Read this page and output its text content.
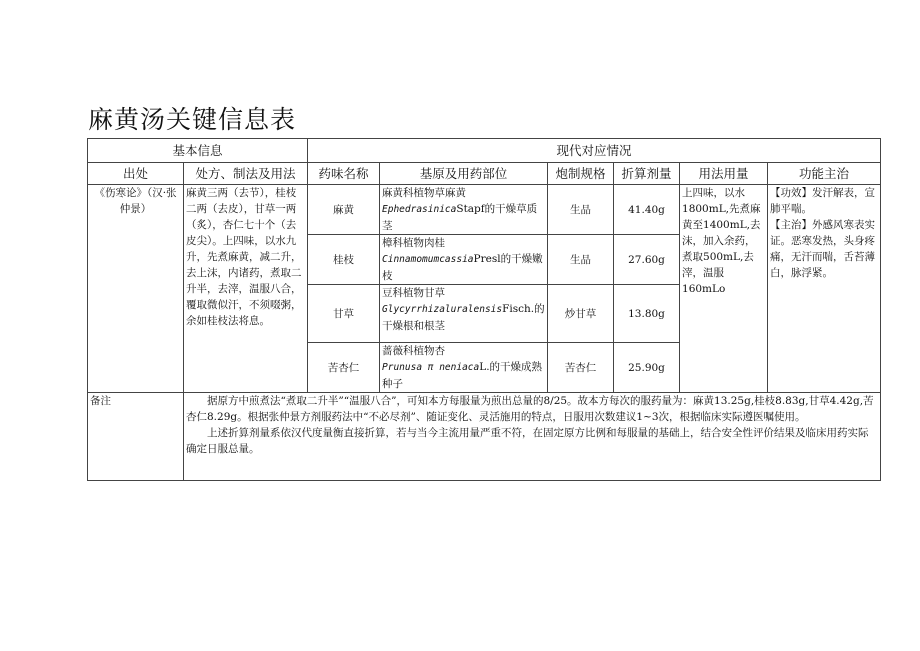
麻黄汤关键信息表
基本信息		现代对应情况					
出处	处方、制法及用法	药味名称	基原及用药部位	炮制规格	折算剂量	用法用量	功能主治
《伤寒论》（汉·张仲景）	麻黄三两（去节），桂枝二两（去皮），甘草一两（炙），杏仁七十个（去皮尖）。上四味，以水九升，先煮麻黄，减二升，去上沫，内诸药，煮取二升半，去滓，温服八合，覆取微似汗，不须啜粥，余如桂枝法将息。	麻黄	麻黄科植物草麻黄
EphedrasinicaStapf的干燥草质茎	生品	41.40g	上四味，以水1800mL,先煮麻黄至1400mL,去沫，加入余药，煮取500mL,去滓，温服160mLo	【功效】发汗解表，宣肺平喘。
【主治】外感风寒表实证。恶寒发热，头身疼痛，无汗而喘，舌苔薄白，脉浮紧。
		桂枝	樟科植物肉桂
CinnamomumcassiaPresl的干燥嫩枝	生品	27.60g		
		甘草	豆科植物甘草
GlycyrrhizaluralensisFisch.的干燥根和根茎	炒甘草	13.80g		
		苦杏仁	蔷薇科植物杏
Prunusa π neniacaL.的干燥成熟种子	苦杏仁	25.90g		
备注	据原方中煎煮法“煮取二升半”“温服八合”，可知本方每服量为煎出总量的8/25。故本方每次的服药量为：麻黄13.25g,桂枝8.83g,甘草4.42g,苦杏仁8.29g。根据张仲景方剂服药法中“不必尽剂”、随证变化、灵活施用的特点，日服用次数建议1~3次，根据临床实际遵医嘱使用。

上述折算剂量系依汉代度量衡直接折算，若与当今主流用量严重不符，在固定原方比例和每服量的基础上，结合安全性评价结果及临床用药实际确定日服总量。						
